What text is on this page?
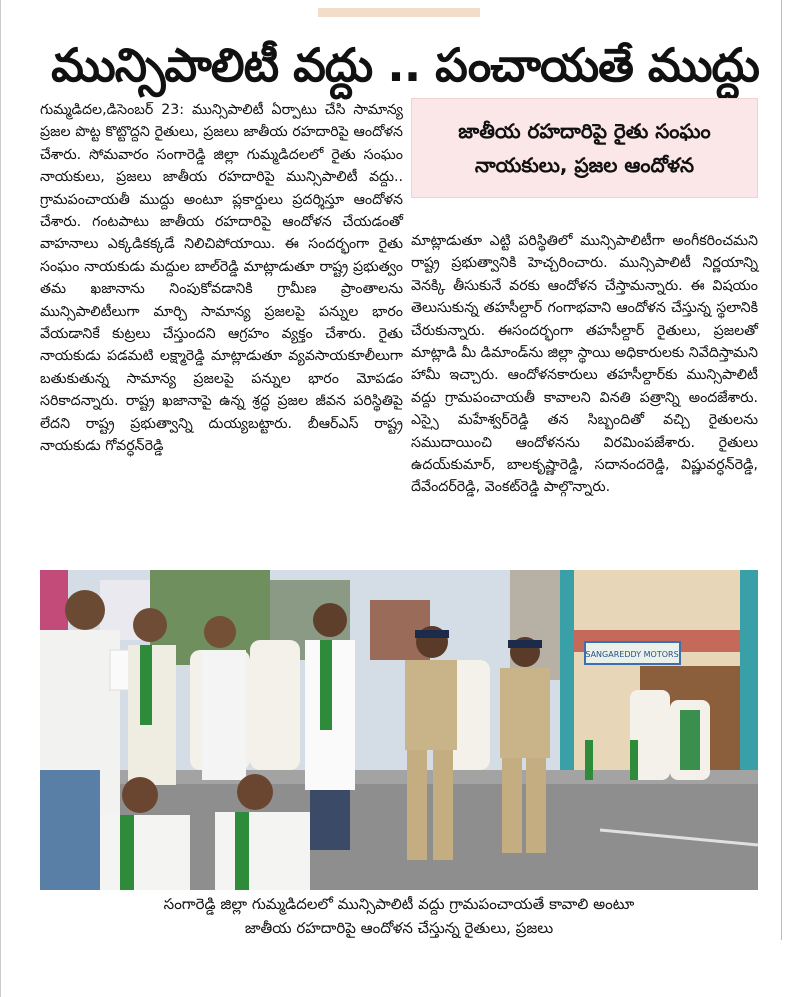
మున్సిపాలిటీ వద్దు .. పంచాయతే ముద్దు

గుమ్మడిదల,డిసెంబర్ 23: మున్సిపాలిటీ ఏర్పాటు చేసి సామాన్య ప్రజల పొట్ట కొట్టొద్దని రైతులు, ప్రజలు జాతీయ రహదారిపై ఆందోళన చేశారు. సోమవారం సంగారెడ్డి జిల్లా గుమ్మడిదలలో రైతు సంఘం నాయకులు, ప్రజలు జాతీయ రహదారిపై మున్సిపాలిటీ వద్దు.. గ్రామపంచాయతీ ముద్దు అంటూ ప్లకార్డులు ప్రదర్శిస్తూ ఆందోళన చేశారు. గంటపాటు జాతీయ రహదారిపై ఆందోళన చేయడంతో వాహనాలు ఎక్కడికక్కడే నిలిచిపోయాయి. ఈ సందర్భంగా రైతు సంఘం నాయకుడు మద్దుల బాల్‌రెడ్డి మాట్లాడుతూ రాష్ట్ర ప్రభుత్వం తమ ఖజానాను నింపుకోవడానికి గ్రామీణ ప్రాంతాలను మున్సిపాలిటీలుగా మార్చి సామాన్య ప్రజలపై పన్నుల భారం వేయడానికే కుట్రలు చేస్తుందని ఆగ్రహం వ్యక్తం చేశారు. రైతు నాయకుడు పడమటి లక్ష్మారెడ్డి మాట్లాడుతూ వ్యవసాయకూలీలుగా బతుకుతున్న సామాన్య ప్రజలపై పన్నుల భారం మోపడం సరికాదన్నారు. రాష్ట్ర ఖజానాపై ఉన్న శ్రద్ధ ప్రజల జీవన పరిస్థితిపై లేదని రాష్ట్ర ప్రభుత్వాన్ని దుయ్యబట్టారు. బీఆర్ఎస్ రాష్ట్ర నాయకుడు గోవర్ధన్‌రెడ్డి

జాతీయ రహదారిపై రైతు సంఘం
నాయకులు, ప్రజల ఆందోళన

మాట్లాడుతూ ఎట్టి పరిస్థితిలో మున్సిపాలిటీగా అంగీకరించమని రాష్ట్ర ప్రభుత్వానికి హెచ్చరించారు. మున్సిపాలిటీ నిర్ణయాన్ని వెనక్కి తీసుకునే వరకు ఆందోళన చేస్తామన్నారు. ఈ విషయం తెలుసుకున్న తహసీల్దార్ గంగాభవాని ఆందోళన చేస్తున్న స్థలానికి చేరుకున్నారు. ఈసందర్భంగా తహసీల్దార్ రైతులు, ప్రజలతో మాట్లాడి మీ డిమాండ్‌ను జిల్లా స్థాయి అధికారులకు నివేదిస్తామని హామీ ఇచ్చారు. ఆందోళనకారులు తహసీల్దార్‌కు మున్సిపాలిటీ వద్దు గ్రామపంచాయతీ కావాలని వినతి పత్రాన్ని అందజేశారు. ఎస్సై మహేశ్వర్‌రెడ్డి తన సిబ్బందితో వచ్చి రైతులను సముదాయించి ఆందోళనను విరమింపజేశారు. రైతులు ఉదయ్‌కుమార్, బాలకృష్ణారెడ్డి, సదానందరెడ్డి, విష్ణువర్ధన్‌రెడ్డి, దేవేందర్‌రెడ్డి, వెంకట్‌రెడ్డి పాల్గొన్నారు.

SANGAREDDY MOTORS
సంగారెడ్డి జిల్లా గుమ్మడిదలలో మున్సిపాలిటీ వద్దు గ్రామపంచాయతే కావాలి అంటూ
జాతీయ రహదారిపై ఆందోళన చేస్తున్న రైతులు, ప్రజలు
